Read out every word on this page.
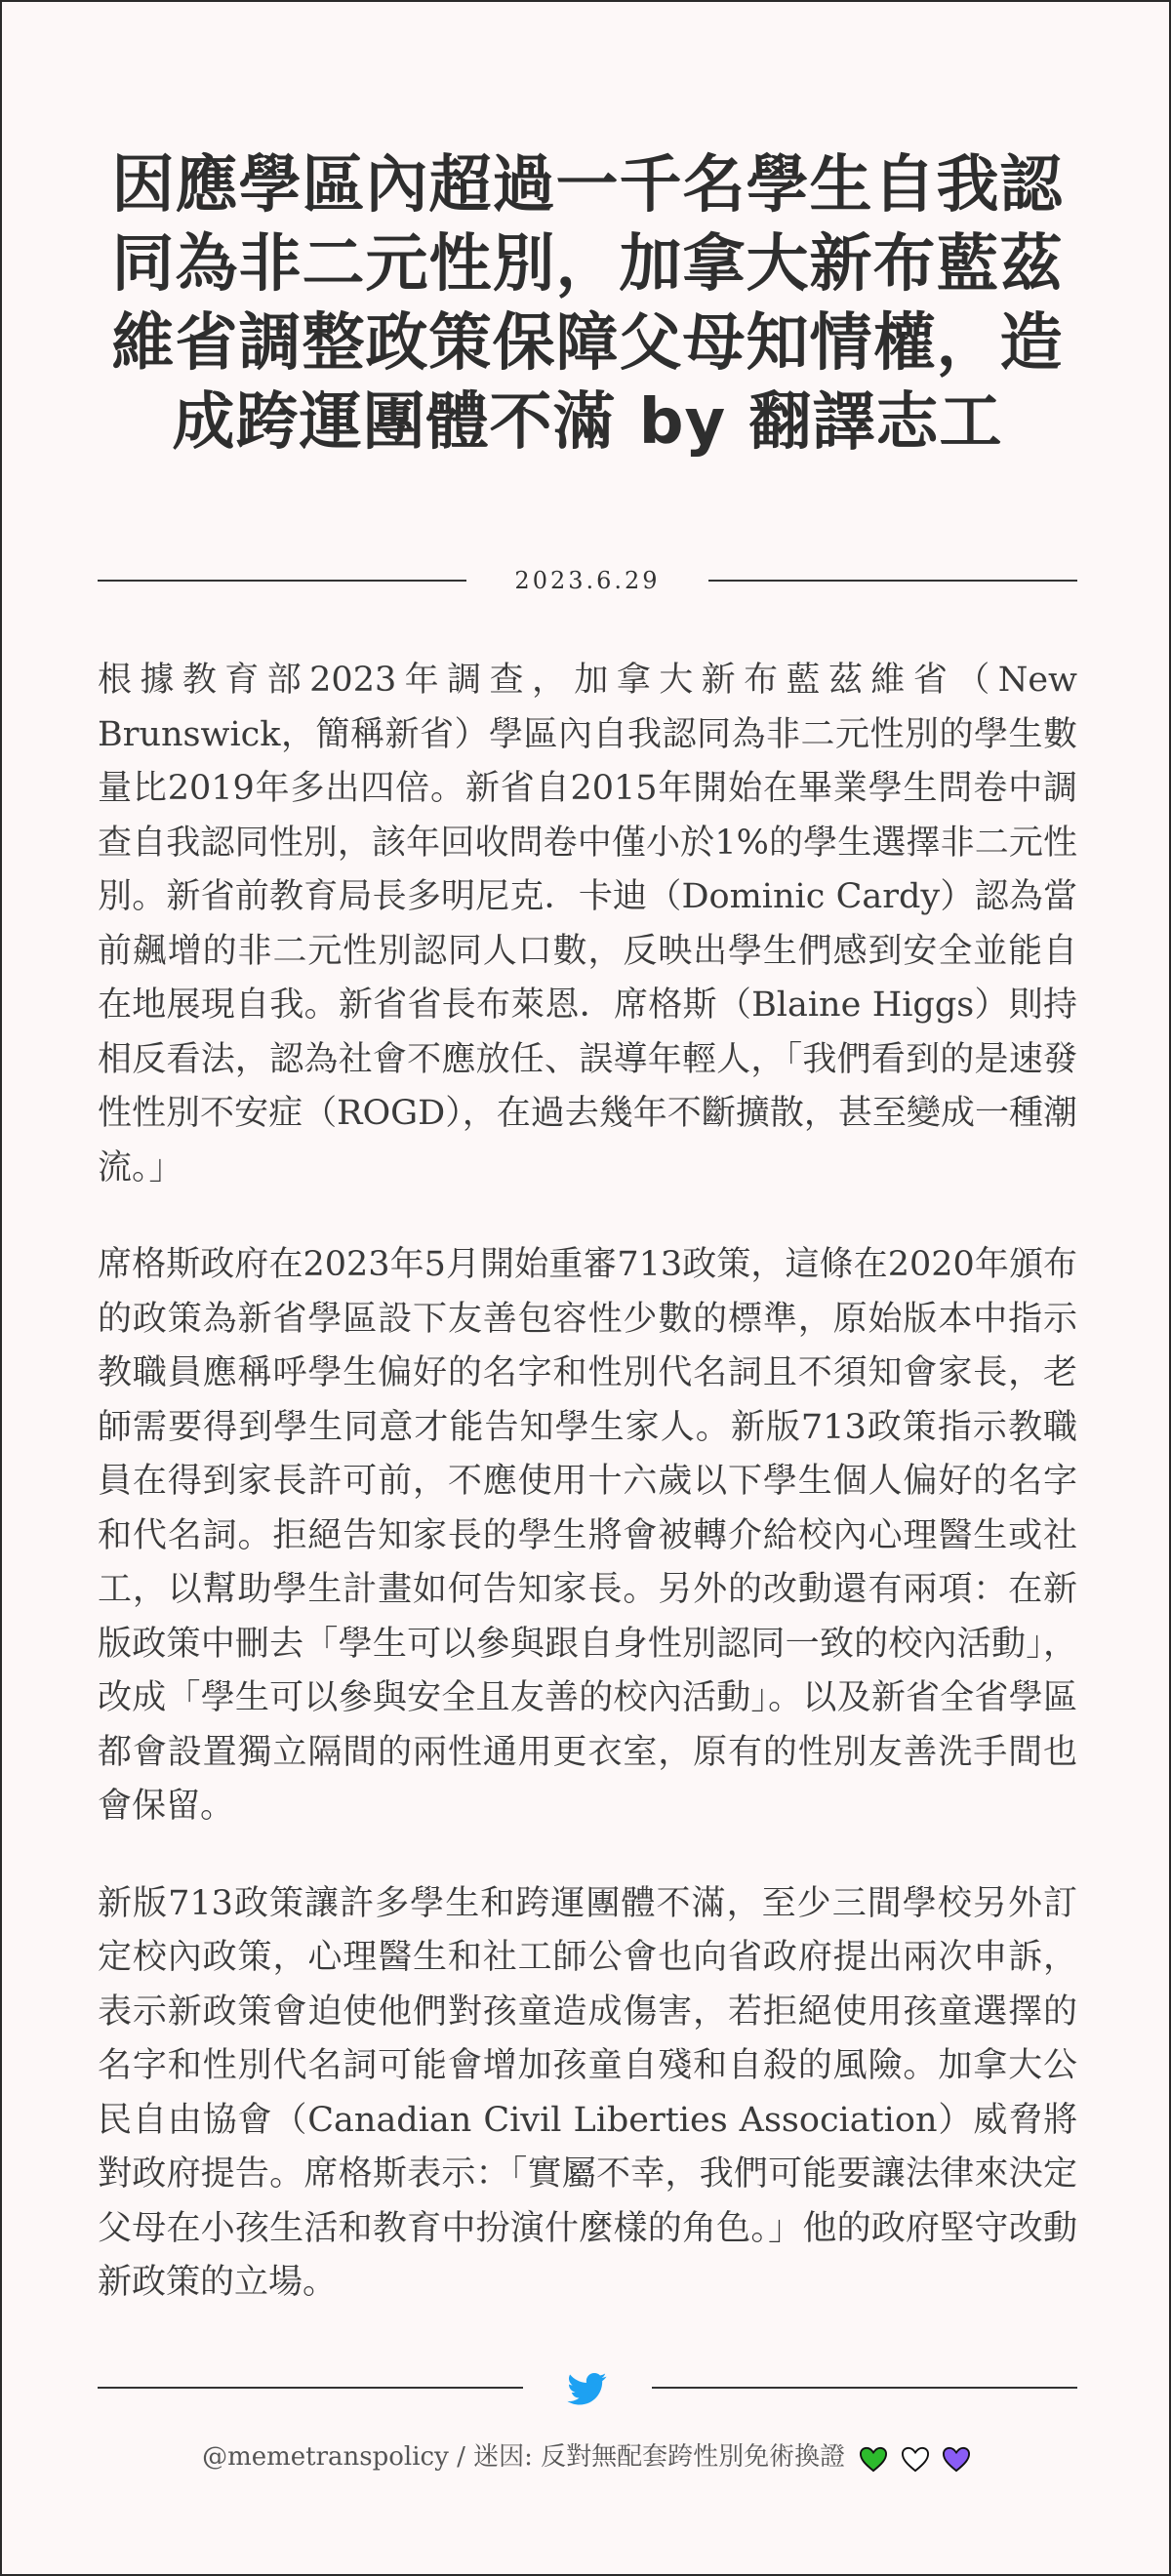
因應學區內超過一千名學生自我認同為非二元性別，加拿大新布藍茲維省調整政策保障父母知情權，造成跨運團體不滿 by 翻譯志工
2023.6.29

根據教育部2023年調查，加拿大新布藍茲維省（New Brunswick，簡稱新省）學區內自我認同為非二元性別的學生數量比2019年多出四倍。新省自2015年開始在畢業學生問卷中調查自我認同性別，該年回收問卷中僅小於1%的學生選擇非二元性別。新省前教育局長多明尼克．卡迪（Dominic Cardy）認為當前飆增的非二元性別認同人口數，反映出學生們感到安全並能自在地展現自我。新省省長布萊恩．席格斯（Blaine Higgs）則持相反看法，認為社會不應放任、誤導年輕人，「我們看到的是速發性性別不安症（ROGD），在過去幾年不斷擴散，甚至變成一種潮流。」

席格斯政府在2023年5月開始重審713政策，這條在2020年頒布的政策為新省學區設下友善包容性少數的標準，原始版本中指示教職員應稱呼學生偏好的名字和性別代名詞且不須知會家長，老師需要得到學生同意才能告知學生家人。新版713政策指示教職員在得到家長許可前，不應使用十六歲以下學生個人偏好的名字和代名詞。拒絕告知家長的學生將會被轉介給校內心理醫生或社工，以幫助學生計畫如何告知家長。另外的改動還有兩項：在新版政策中刪去「學生可以參與跟自身性別認同一致的校內活動」，改成「學生可以參與安全且友善的校內活動」。以及新省全省學區都會設置獨立隔間的兩性通用更衣室，原有的性別友善洗手間也會保留。

新版713政策讓許多學生和跨運團體不滿，至少三間學校另外訂定校內政策，心理醫生和社工師公會也向省政府提出兩次申訴，表示新政策會迫使他們對孩童造成傷害，若拒絕使用孩童選擇的名字和性別代名詞可能會增加孩童自殘和自殺的風險。加拿大公民自由協會（Canadian Civil Liberties Association）威脅將對政府提告。席格斯表示：「實屬不幸，我們可能要讓法律來決定父母在小孩生活和教育中扮演什麼樣的角色。」他的政府堅守改動新政策的立場。

@memetranspolicy / 迷因: 反對無配套跨性別免術換證
